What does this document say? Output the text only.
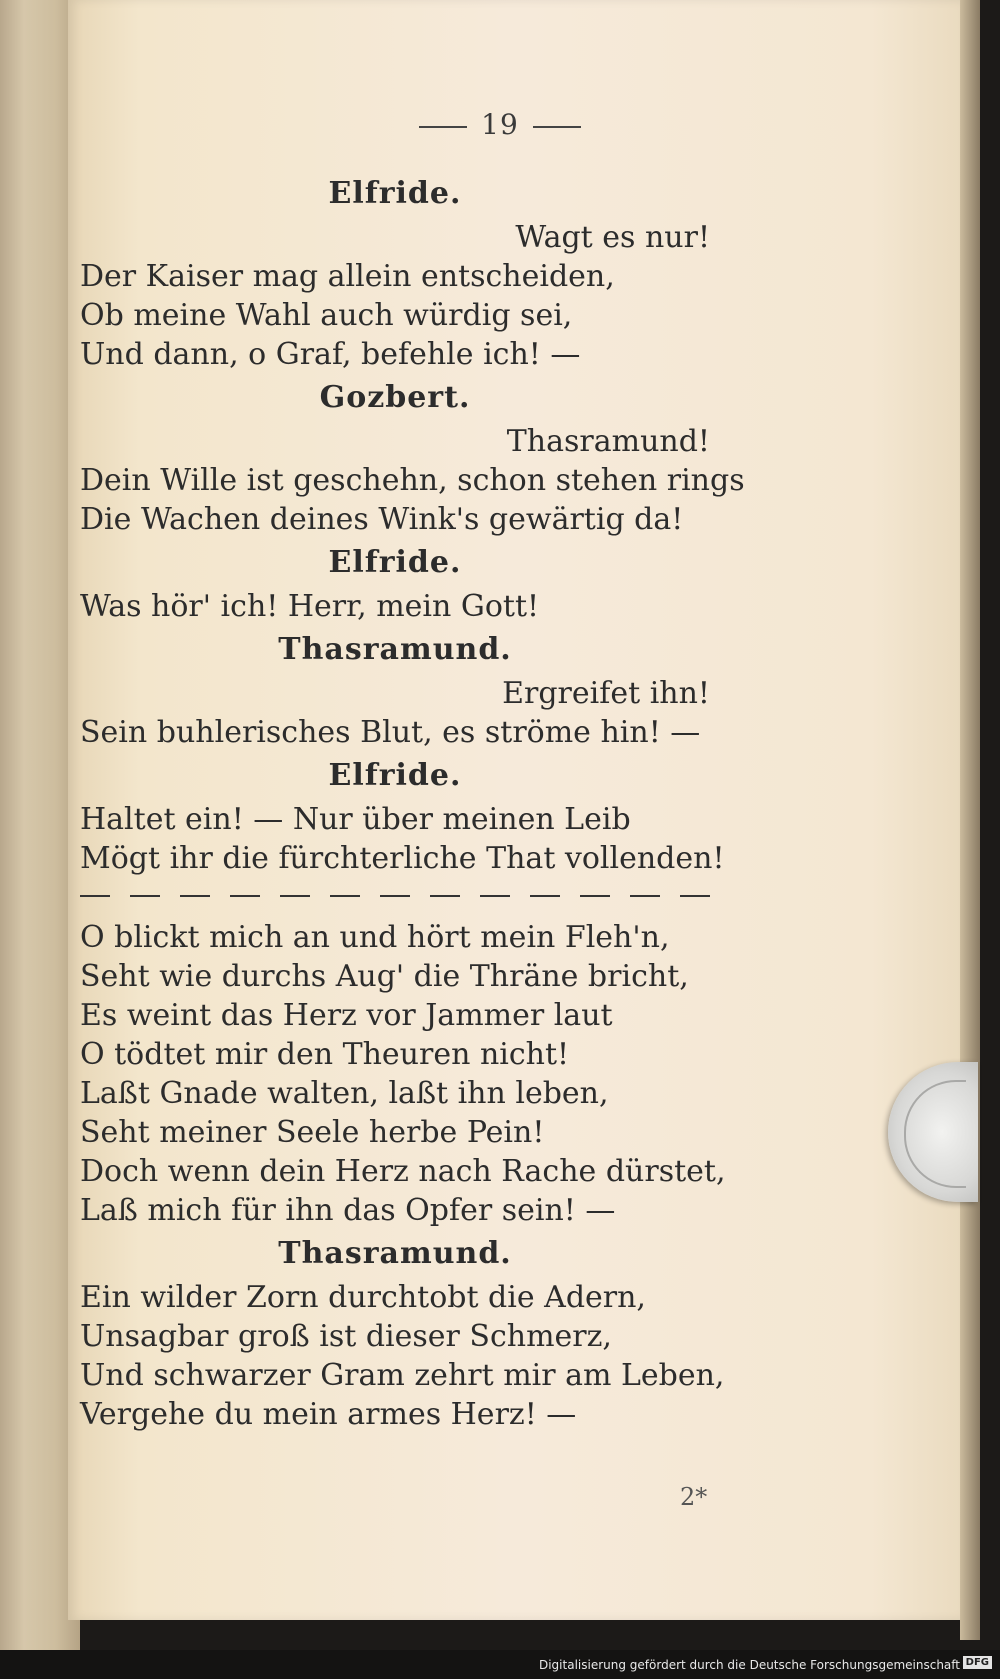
19
Elfride.
Wagt es nur!
Der Kaiser mag allein entscheiden,
Ob meine Wahl auch würdig sei,
Und dann, o Graf, befehle ich! —
Gozbert.
Thasramund!
Dein Wille ist geschehn, schon stehen rings
Die Wachen deines Wink's gewärtig da!
Elfride.
Was hör' ich! Herr, mein Gott!
Thasramund.
Ergreifet ihn!
Sein buhlerisches Blut, es ströme hin! —
Elfride.
Haltet ein! — Nur über meinen Leib
Mögt ihr die fürchterliche That vollenden!
O blickt mich an und hört mein Fleh'n,
Seht wie durchs Aug' die Thräne bricht,
Es weint das Herz vor Jammer laut
O tödtet mir den Theuren nicht!
Laßt Gnade walten, laßt ihn leben,
Seht meiner Seele herbe Pein!
Doch wenn dein Herz nach Rache dürstet,
Laß mich für ihn das Opfer sein! —
Thasramund.
Ein wilder Zorn durchtobt die Adern,
Unsagbar groß ist dieser Schmerz,
Und schwarzer Gram zehrt mir am Leben,
Vergehe du mein armes Herz! —
2*
Digitalisierung gefördert durch die Deutsche Forschungsgemeinschaft DFG
